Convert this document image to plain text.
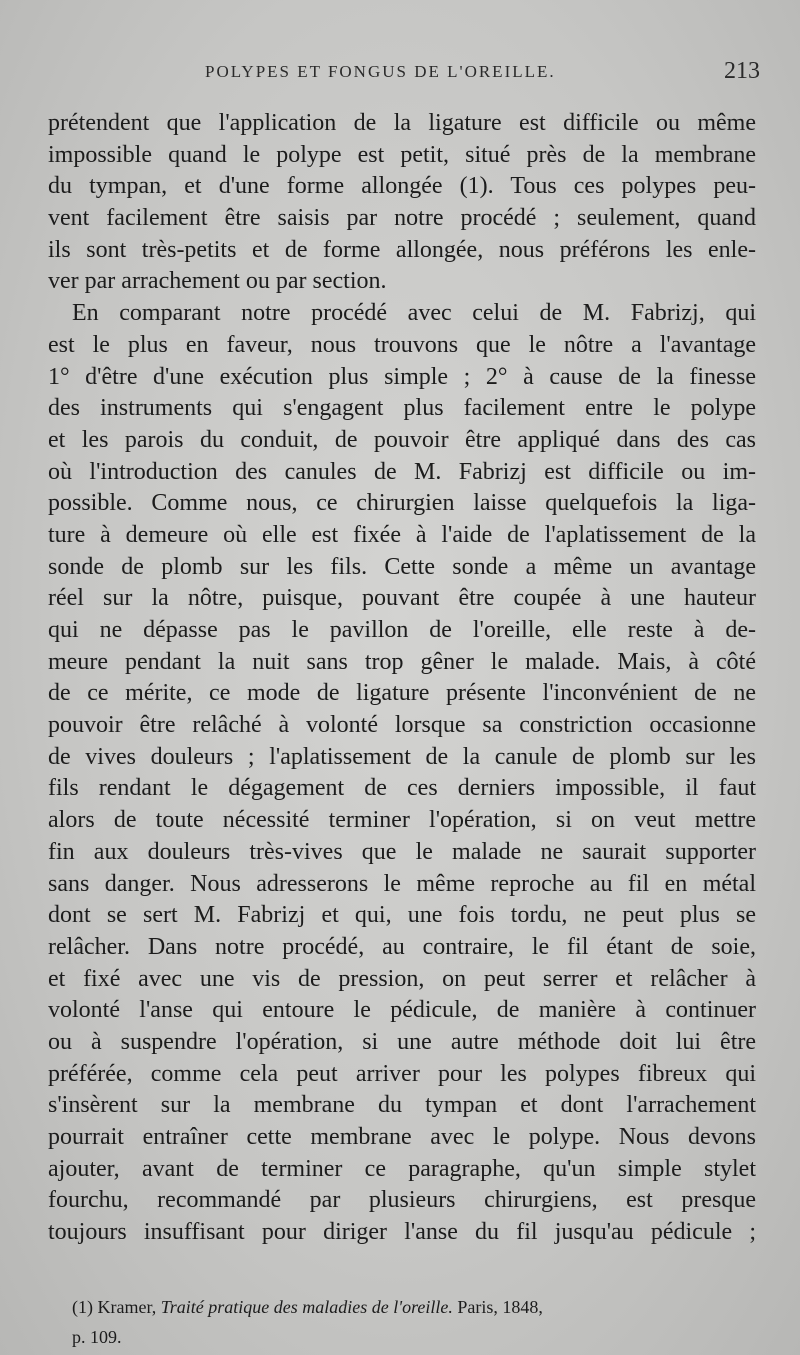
POLYPES ET FONGUS DE L'OREILLE.	213
prétendent que l'application de la ligature est difficile ou même
impossible quand le polype est petit, situé près de la membrane
du tympan, et d'une forme allongée (1). Tous ces polypes peu-
vent facilement être saisis par notre procédé ; seulement, quand
ils sont très-petits et de forme allongée, nous préférons les enle-
ver par arrachement ou par section.
En comparant notre procédé avec celui de M. Fabrizj, qui
est le plus en faveur, nous trouvons que le nôtre a l'avantage
1° d'être d'une exécution plus simple ; 2° à cause de la finesse
des instruments qui s'engagent plus facilement entre le polype
et les parois du conduit, de pouvoir être appliqué dans des cas
où l'introduction des canules de M. Fabrizj est difficile ou im-
possible. Comme nous, ce chirurgien laisse quelquefois la liga-
ture à demeure où elle est fixée à l'aide de l'aplatissement de la
sonde de plomb sur les fils. Cette sonde a même un avantage
réel sur la nôtre, puisque, pouvant être coupée à une hauteur
qui ne dépasse pas le pavillon de l'oreille, elle reste à de-
meure pendant la nuit sans trop gêner le malade. Mais, à côté
de ce mérite, ce mode de ligature présente l'inconvénient de ne
pouvoir être relâché à volonté lorsque sa constriction occasionne
de vives douleurs ; l'aplatissement de la canule de plomb sur les
fils rendant le dégagement de ces derniers impossible, il faut
alors de toute nécessité terminer l'opération, si on veut mettre
fin aux douleurs très-vives que le malade ne saurait supporter
sans danger. Nous adresserons le même reproche au fil en métal
dont se sert M. Fabrizj et qui, une fois tordu, ne peut plus se
relâcher. Dans notre procédé, au contraire, le fil étant de soie,
et fixé avec une vis de pression, on peut serrer et relâcher à
volonté l'anse qui entoure le pédicule, de manière à continuer
ou à suspendre l'opération, si une autre méthode doit lui être
préférée, comme cela peut arriver pour les polypes fibreux qui
s'insèrent sur la membrane du tympan et dont l'arrachement
pourrait entraîner cette membrane avec le polype. Nous devons
ajouter, avant de terminer ce paragraphe, qu'un simple stylet
fourchu, recommandé par plusieurs chirurgiens, est presque
toujours insuffisant pour diriger l'anse du fil jusqu'au pédicule ;
(1) Kramer, Traité pratique des maladies de l'oreille. Paris, 1848,
p. 109.
